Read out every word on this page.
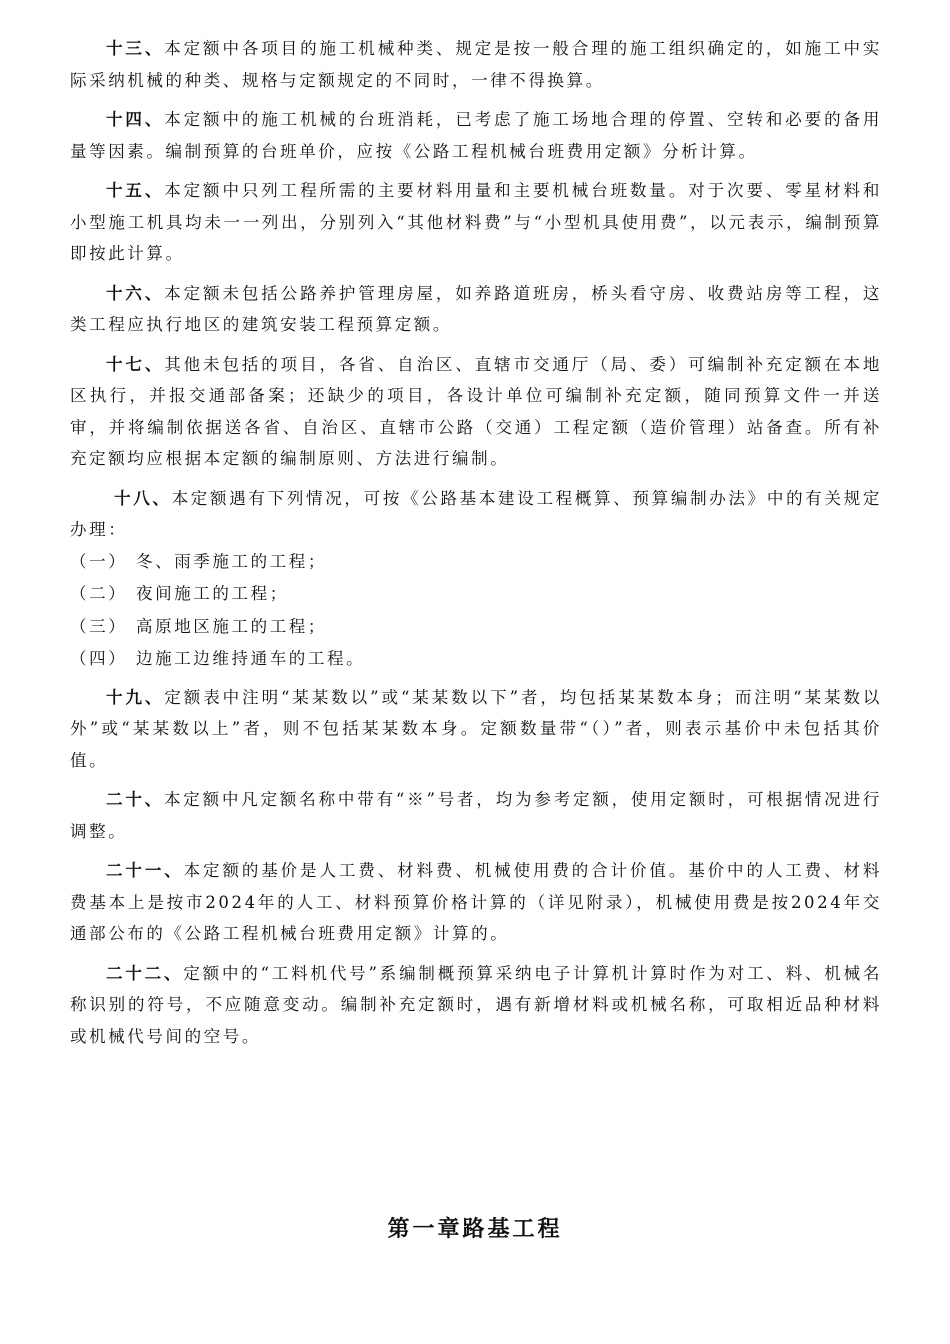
十三、本定额中各项目的施工机械种类、规定是按一般合理的施工组织确定的，如施工中实际采纳机械的种类、规格与定额规定的不同时，一律不得换算。

十四、本定额中的施工机械的台班消耗，已考虑了施工场地合理的停置、空转和必要的备用量等因素。编制预算的台班单价，应按《公路工程机械台班费用定额》分析计算。

十五、本定额中只列工程所需的主要材料用量和主要机械台班数量。对于次要、零星材料和小型施工机具均未一一列出，分别列入“其他材料费”与“小型机具使用费”，以元表示，编制预算即按此计算。

十六、本定额未包括公路养护管理房屋，如养路道班房，桥头看守房、收费站房等工程，这类工程应执行地区的建筑安装工程预算定额。

十七、其他未包括的项目，各省、自治区、直辖市交通厅（局、委）可编制补充定额在本地区执行，并报交通部备案；还缺少的项目，各设计单位可编制补充定额，随同预算文件一并送审，并将编制依据送各省、自治区、直辖市公路（交通）工程定额（造价管理）站备查。所有补充定额均应根据本定额的编制原则、方法进行编制。

十八、本定额遇有下列情况，可按《公路基本建设工程概算、预算编制办法》中的有关规定办理：

（一） 冬、雨季施工的工程；

（二） 夜间施工的工程；

（三） 高原地区施工的工程；

（四） 边施工边维持通车的工程。

十九、定额表中注明“某某数以”或“某某数以下”者，均包括某某数本身；而注明“某某数以外”或“某某数以上”者，则不包括某某数本身。定额数量带“（）”者，则表示基价中未包括其价值。

二十、本定额中凡定额名称中带有“※”号者，均为参考定额，使用定额时，可根据情况进行调整。

二十一、本定额的基价是人工费、材料费、机械使用费的合计价值。基价中的人工费、材料费基本上是按市2024年的人工、材料预算价格计算的（详见附录），机械使用费是按2024年交通部公布的《公路工程机械台班费用定额》计算的。

二十二、定额中的“工料机代号”系编制概预算采纳电子计算机计算时作为对工、料、机械名称识别的符号，不应随意变动。编制补充定额时，遇有新增材料或机械名称，可取相近品种材料或机械代号间的空号。

第一章路基工程
